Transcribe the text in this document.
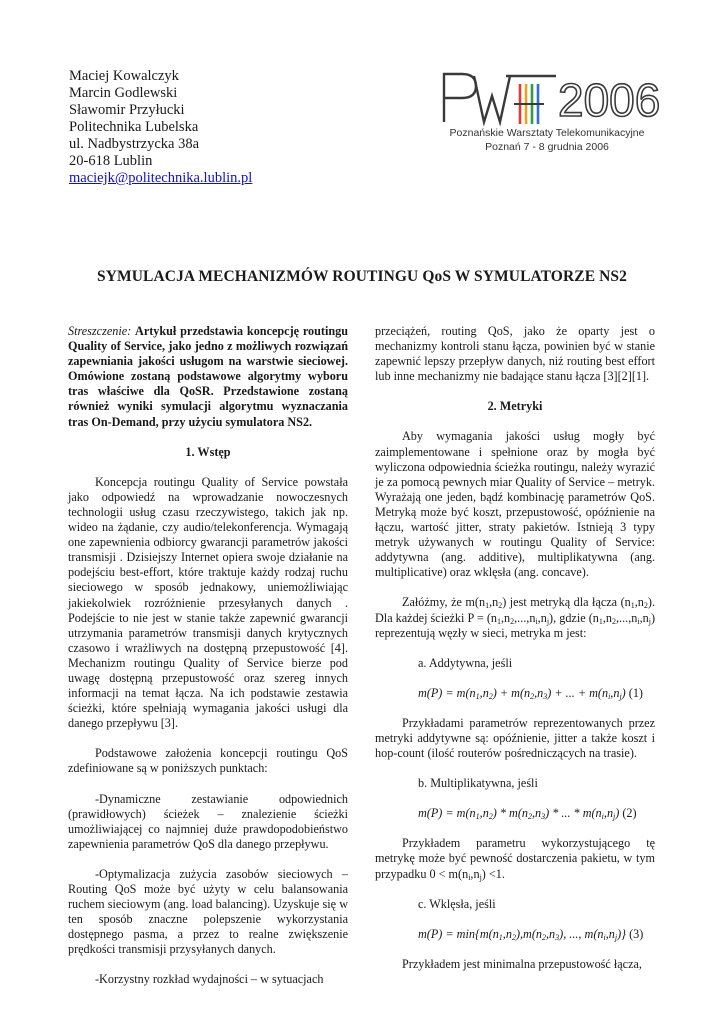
Maciej Kowalczyk
Marcin Godlewski
Sławomir Przyłucki
Politechnika Lubelska
ul. Nadbystrzycka 38a
20-618 Lublin
maciejk@politechnika.lublin.pl
2006
Poznańskie Warsztaty Telekomunikacyjne
Poznań 7 - 8 grudnia 2006
SYMULACJA MECHANIZMÓW ROUTINGU QoS W SYMULATORZE NS2

Streszczenie: Artykuł przedstawia koncepcję routingu Quality of Service, jako jedno z możliwych rozwiązań zapewniania jakości usługom na warstwie sieciowej. Omówione zostaną podstawowe algorytmy wyboru tras właściwe dla QoSR. Przedstawione zostaną również wyniki symulacji algorytmu wyznaczania tras On-Demand, przy użyciu symulatora NS2.

1. Wstęp

Koncepcja routingu Quality of Service powstała jako odpowiedź na wprowadzanie nowoczesnych technologii usług czasu rzeczywistego, takich jak np. wideo na żądanie, czy audio/telekonferencja. Wymagają one zapewnienia odbiorcy gwarancji parametrów jakości transmisji . Dzisiejszy Internet opiera swoje działanie na podejściu best-effort, które traktuje każdy rodzaj ruchu sieciowego w sposób jednakowy, uniemożliwiając jakiekolwiek rozróżnienie przesyłanych danych . Podejście to nie jest w stanie także zapewnić gwarancji utrzymania parametrów transmisji danych krytycznych czasowo i wrażliwych na dostępną przepustowość [4]. Mechanizm routingu Quality of Service bierze pod uwagę dostępną przepustowość oraz szereg innych informacji na temat łącza. Na ich podstawie zestawia ścieżki, które spełniają wymagania jakości usługi dla danego przepływu [3].

Podstawowe założenia koncepcji routingu QoS zdefiniowane są w poniższych punktach:

-Dynamiczne zestawianie odpowiednich (prawidłowych) ścieżek – znalezienie ścieżki umożliwiającej co najmniej duże prawdopodobieństwo zapewnienia parametrów QoS dla danego przepływu.

-Optymalizacja zużycia zasobów sieciowych – Routing QoS może być użyty w celu balansowania ruchem sieciowym (ang. load balancing). Uzyskuje się w ten sposób znaczne polepszenie wykorzystania dostępnego pasma, a przez to realne zwiększenie prędkości transmisji przysyłanych danych.

-Korzystny rozkład wydajności – w sytuacjach

przeciążeń, routing QoS, jako że oparty jest o mechanizmy kontroli stanu łącza, powinien być w stanie zapewnić lepszy przepływ danych, niż routing best effort lub inne mechanizmy nie badające stanu łącza [3][2][1].

2. Metryki

Aby wymagania jakości usług mogły być zaimplementowane i spełnione oraz by mogła być wyliczona odpowiednia ścieżka routingu, należy wyrazić je za pomocą pewnych miar Quality of Service – metryk. Wyrażają one jeden, bądź kombinację parametrów QoS. Metryką może być koszt, przepustowość, opóźnienie na łączu, wartość jitter, straty pakietów. Istnieją 3 typy metryk używanych w routingu Quality of Service: addytywna (ang. additive), multiplikatywna (ang. multiplicative) oraz wklęsła (ang. concave).

Załóżmy, że $m(n_1,n_2)$ jest metryką dla łącza $(n_1,n_2)$. Dla każdej ścieżki $P = (n_1,n_2,...,n_i,n_j)$, gdzie $(n_1,n_2,...,n_i,n_j)$ reprezentują węzły w sieci, metryka m jest:

a. Addytywna, jeśli

$m(P) = m(n_1,n_2) + m(n_2,n_3)$ + ... + $m(n_i,n_j)$ (1)

Przykładami parametrów reprezentowanych przez metryki addytywne są: opóźnienie, jitter a także koszt i hop-count (ilość routerów pośredniczących na trasie).

b. Multiplikatywna, jeśli

$m(P) = m(n_1,n_2) * m(n_2,n_3)$ * ... * $m(n_i,n_j)$ (2)

Przykładem parametru wykorzystującego tę metrykę może być pewność dostarczenia pakietu, w tym przypadku $0 < m(n_i,n_j) <1$.

c. Wklęsła, jeśli

$m(P) = \min\{m(n_1,n_2),m(n_2,n_3)$, ..., $m(n_i,n_j)$} (3)

Przykładem jest minimalna przepustowość łącza,
